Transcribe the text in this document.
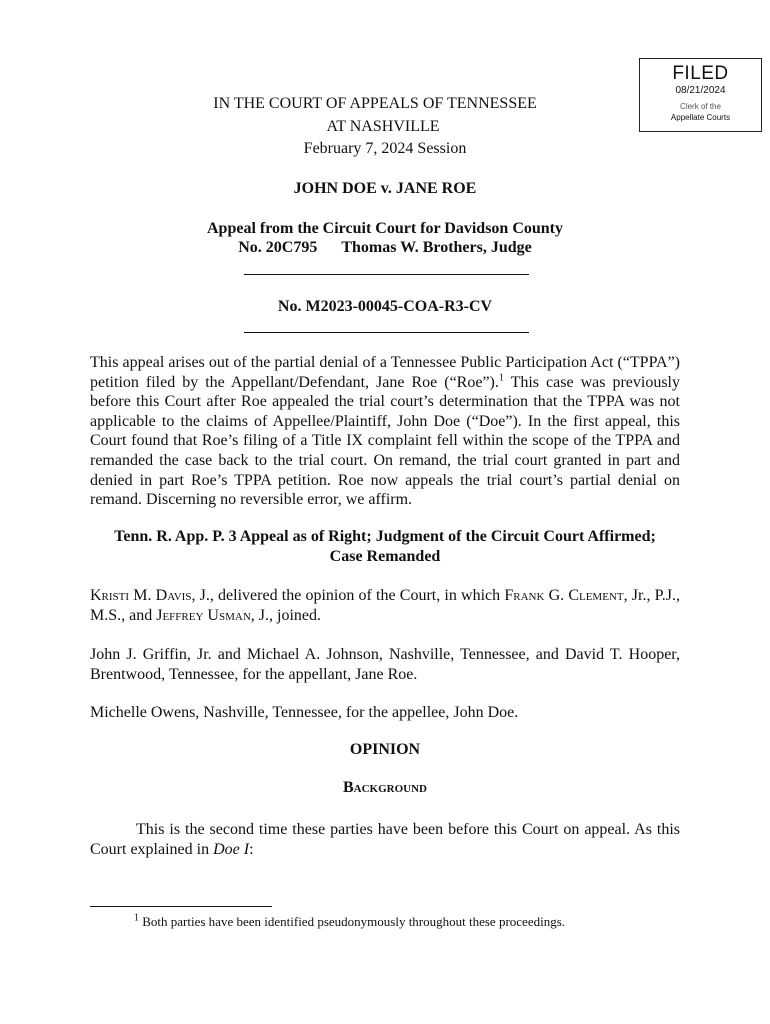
FILED
08/21/2024
Clerk of the
Appellate Courts
IN THE COURT OF APPEALS OF TENNESSEE
AT NASHVILLE
February 7, 2024 Session
JOHN DOE v. JANE ROE
Appeal from the Circuit Court for Davidson County
No. 20C795 Thomas W. Brothers, Judge
No. M2023-00045-COA-R3-CV
This appeal arises out of the partial denial of a Tennessee Public Participation Act (“TPPA”) petition filed by the Appellant/Defendant, Jane Roe (“Roe”).$^1$ This case was previously before this Court after Roe appealed the trial court’s determination that the TPPA was not applicable to the claims of Appellee/Plaintiff, John Doe (“Doe”). In the first appeal, this Court found that Roe’s filing of a Title IX complaint fell within the scope of the TPPA and remanded the case back to the trial court. On remand, the trial court granted in part and denied in part Roe’s TPPA petition. Roe now appeals the trial court’s partial denial on remand. Discerning no reversible error, we affirm.
Tenn. R. App. P. 3 Appeal as of Right; Judgment of the Circuit Court Affirmed;
Case Remanded
Kristi M. Davis, J., delivered the opinion of the Court, in which Frank G. Clement, Jr., P.J., M.S., and Jeffrey Usman, J., joined.
John J. Griffin, Jr. and Michael A. Johnson, Nashville, Tennessee, and David T. Hooper, Brentwood, Tennessee, for the appellant, Jane Roe.
Michelle Owens, Nashville, Tennessee, for the appellee, John Doe.
OPINION
Background
This is the second time these parties have been before this Court on appeal. As this Court explained in Doe I:
$^1$ Both parties have been identified pseudonymously throughout these proceedings.
